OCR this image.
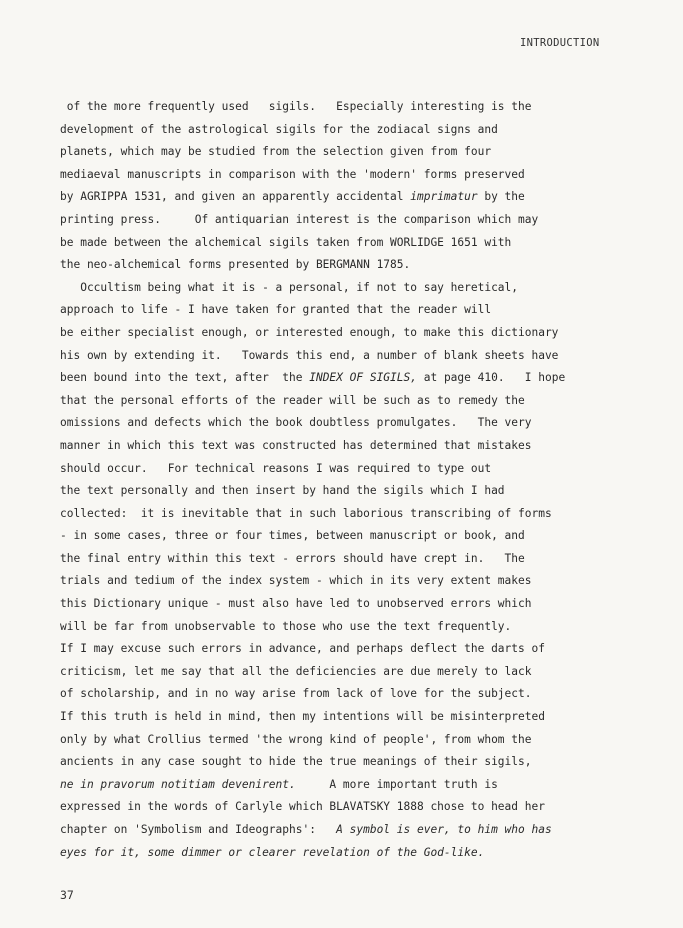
INTRODUCTION
of the more frequently used   sigils.   Especially interesting is the
development of the astrological sigils for the zodiacal signs and
planets, which may be studied from the selection given from four
mediaeval manuscripts in comparison with the 'modern' forms preserved
by AGRIPPA 1531, and given an apparently accidental imprimatur by the
printing press.     Of antiquarian interest is the comparison which may
be made between the alchemical sigils taken from WORLIDGE 1651 with
the neo-alchemical forms presented by BERGMANN 1785.
Occultism being what it is - a personal, if not to say heretical,
approach to life - I have taken for granted that the reader will
be either specialist enough, or interested enough, to make this dictionary
his own by extending it.   Towards this end, a number of blank sheets have
been bound into the text, after  the INDEX OF SIGILS, at page 410.   I hope
that the personal efforts of the reader will be such as to remedy the
omissions and defects which the book doubtless promulgates.   The very
manner in which this text was constructed has determined that mistakes
should occur.   For technical reasons I was required to type out
the text personally and then insert by hand the sigils which I had
collected:  it is inevitable that in such laborious transcribing of forms
- in some cases, three or four times, between manuscript or book, and
the final entry within this text - errors should have crept in.   The
trials and tedium of the index system - which in its very extent makes
this Dictionary unique - must also have led to unobserved errors which
will be far from unobservable to those who use the text frequently.
If I may excuse such errors in advance, and perhaps deflect the darts of
criticism, let me say that all the deficiencies are due merely to lack
of scholarship, and in no way arise from lack of love for the subject.
If this truth is held in mind, then my intentions will be misinterpreted
only by what Crollius termed 'the wrong kind of people', from whom the
ancients in any case sought to hide the true meanings of their sigils,
ne in pravorum notitiam devenirent.     A more important truth is
expressed in the words of Carlyle which BLAVATSKY 1888 chose to head her
chapter on 'Symbolism and Ideographs':   A symbol is ever, to him who has
eyes for it, some dimmer or clearer revelation of the God-like.
37
